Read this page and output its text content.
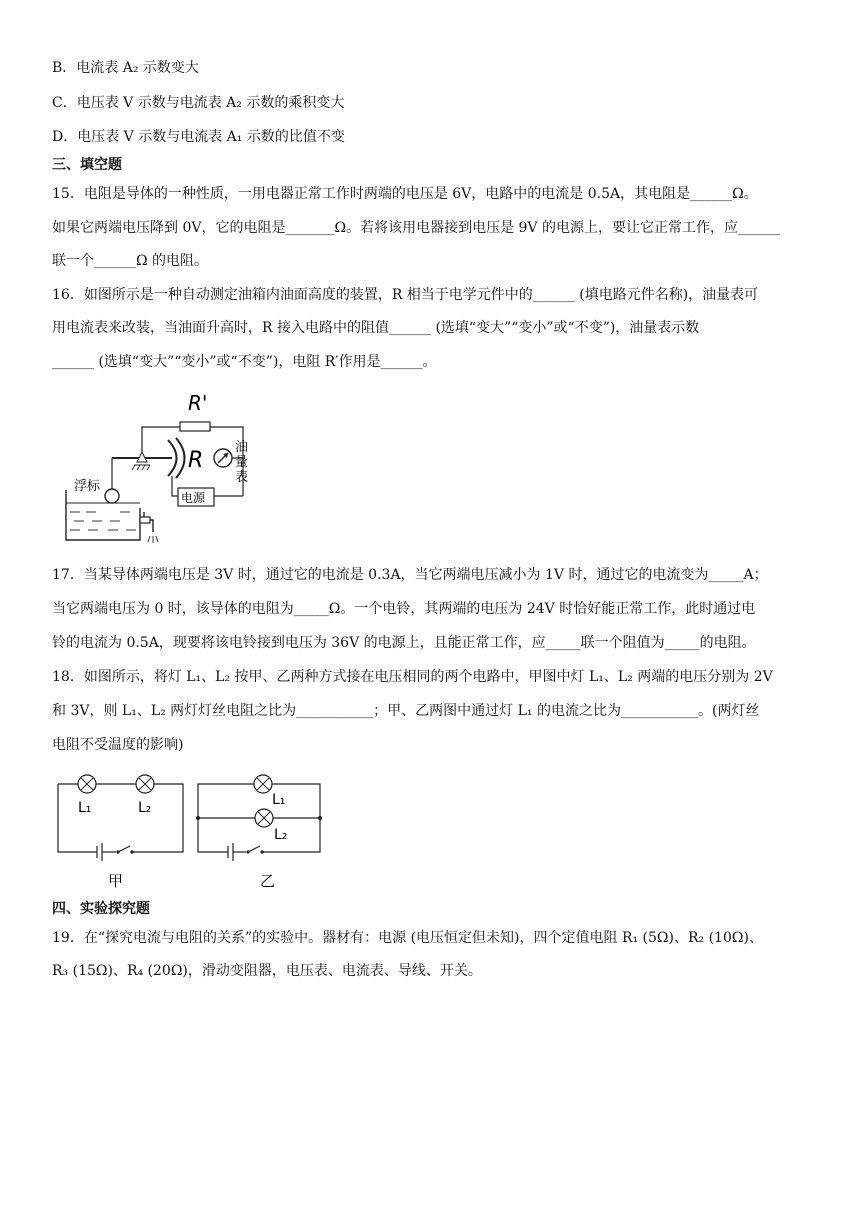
B．电流表 A₂ 示数变大
C．电压表 V 示数与电流表 A₂ 示数的乘积变大
D．电压表 V 示数与电流表 A₁ 示数的比值不变
三、填空题
15．电阻是导体的一种性质，一用电器正常工作时两端的电压是 6V，电路中的电流是 0.5A，其电阻是______Ω。
如果它两端电压降到 0V，它的电阻是_______Ω。若将该用电器接到电压是 9V 的电源上，要让它正常工作，应______
联一个______Ω 的电阻。
16．如图所示是一种自动测定油箱内油面高度的装置，R 相当于电学元件中的______ (填电路元件名称)，油量表可
用电流表来改装，当油面升高时，R 接入电路中的阻值______ (选填“变大”“变小”或“不变”)，油量表示数
______ (选填“变大”“变小”或“不变”)，电阻 R′作用是______。
R'
R
油
量
表
电源
浮标
17．当某导体两端电压是 3V 时，通过它的电流是 0.3A，当它两端电压减小为 1V 时，通过它的电流变为_____A；
当它两端电压为 0 时，该导体的电阻为_____Ω。一个电铃，其两端的电压为 24V 时恰好能正常工作，此时通过电
铃的电流为 0.5A，现要将该电铃接到电压为 36V 的电源上，且能正常工作，应_____联一个阻值为_____的电阻。
18．如图所示，将灯 L₁、L₂ 按甲、乙两种方式接在电压相同的两个电路中，甲图中灯 L₁、L₂ 两端的电压分别为 2V
和 3V，则 L₁、L₂ 两灯灯丝电阻之比为___________；甲、乙两图中通过灯 L₁ 的电流之比为___________。(两灯丝
电阻不受温度的影响)
L₁	L₂
甲
L₁
L₂
乙
四、实验探究题
19．在“探究电流与电阻的关系”的实验中。器材有：电源 (电压恒定但未知)，四个定值电阻 R₁ (5Ω)、R₂ (10Ω)、
R₃ (15Ω)、R₄ (20Ω)，滑动变阻器，电压表、电流表、导线、开关。
